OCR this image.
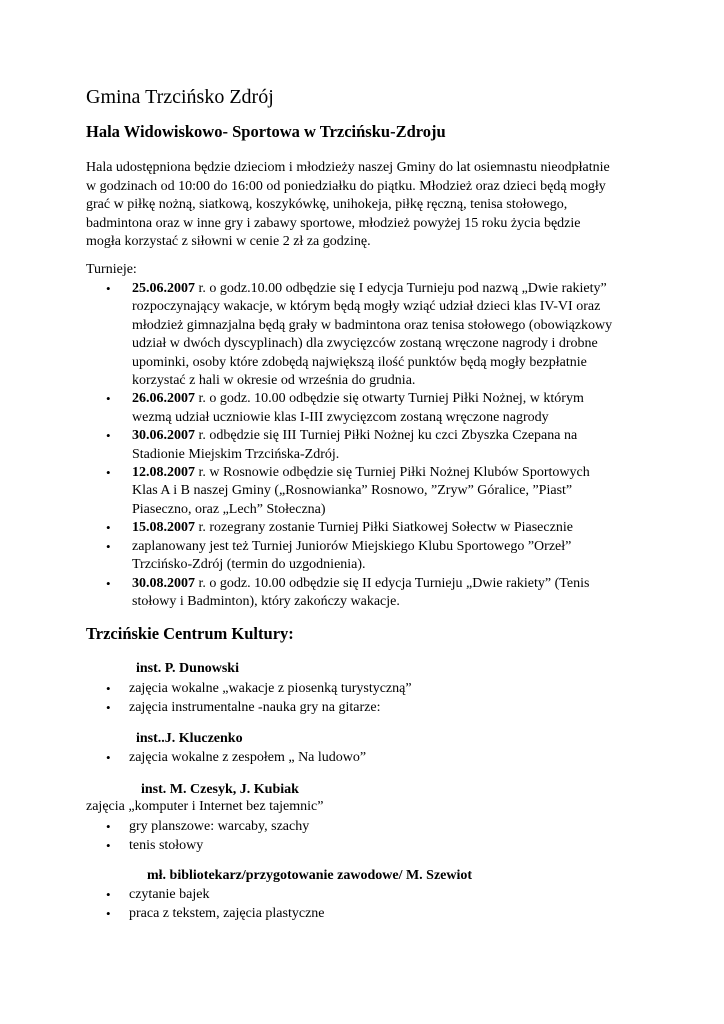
Gmina Trzcińsko Zdrój
Hala Widowiskowo- Sportowa w Trzcińsku-Zdroju

Hala udostępniona będzie dzieciom i młodzieży naszej Gminy do lat osiemnastu nieodpłatnie
w godzinach od 10:00 do 16:00 od poniedziałku do piątku. Młodzież oraz dzieci będą mogły
grać w piłkę nożną, siatkową, koszykówkę, unihokeja, piłkę ręczną, tenisa stołowego,
badmintona oraz w inne gry i zabawy sportowe, młodzież powyżej 15 roku życia będzie
mogła korzystać z siłowni w cenie 2 zł za godzinę.

Turnieje:

• 25.06.2007 r. o godz.10.00 odbędzie się I edycja Turnieju pod nazwą „Dwie rakiety”
rozpoczynający wakacje, w którym będą mogły wziąć udział dzieci klas IV-VI oraz
młodzież gimnazjalna będą grały w badmintona oraz tenisa stołowego (obowiązkowy
udział w dwóch dyscyplinach) dla zwycięzców zostaną wręczone nagrody i drobne
upominki, osoby które zdobędą największą ilość punktów będą mogły bezpłatnie
korzystać z hali w okresie od września do grudnia.
• 26.06.2007 r. o godz. 10.00 odbędzie się otwarty Turniej Piłki Nożnej, w którym
wezmą udział uczniowie klas I-III zwycięzcom zostaną wręczone nagrody
• 30.06.2007 r. odbędzie się III Turniej Piłki Nożnej ku czci Zbyszka Czepana na
Stadionie Miejskim Trzcińska-Zdrój.
• 12.08.2007 r. w Rosnowie odbędzie się Turniej Piłki Nożnej Klubów Sportowych
Klas A i B naszej Gminy („Rosnowianka” Rosnowo, ”Zryw” Góralice, ”Piast”
Piaseczno, oraz „Lech” Stołeczna)
• 15.08.2007 r. rozegrany zostanie Turniej Piłki Siatkowej Sołectw w Piasecznie
• zaplanowany jest też Turniej Juniorów Miejskiego Klubu Sportowego ”Orzeł”
Trzcińsko-Zdrój (termin do uzgodnienia).
• 30.08.2007 r. o godz. 10.00 odbędzie się II edycja Turnieju „Dwie rakiety” (Tenis
stołowy i Badminton), który zakończy wakacje.
Trzcińskie Centrum Kultury:

inst. P. Dunowski

• zajęcia wokalne „wakacje z piosenką turystyczną”
• zajęcia instrumentalne -nauka gry na gitarze:

inst..J. Kluczenko

• zajęcia wokalne z zespołem „ Na ludowo”

inst. M. Czesyk, J. Kubiak

zajęcia „komputer i Internet bez tajemnic”

• gry planszowe: warcaby, szachy
• tenis stołowy

mł. bibliotekarz/przygotowanie zawodowe/ M. Szewiot

• czytanie bajek
• praca z tekstem, zajęcia plastyczne
